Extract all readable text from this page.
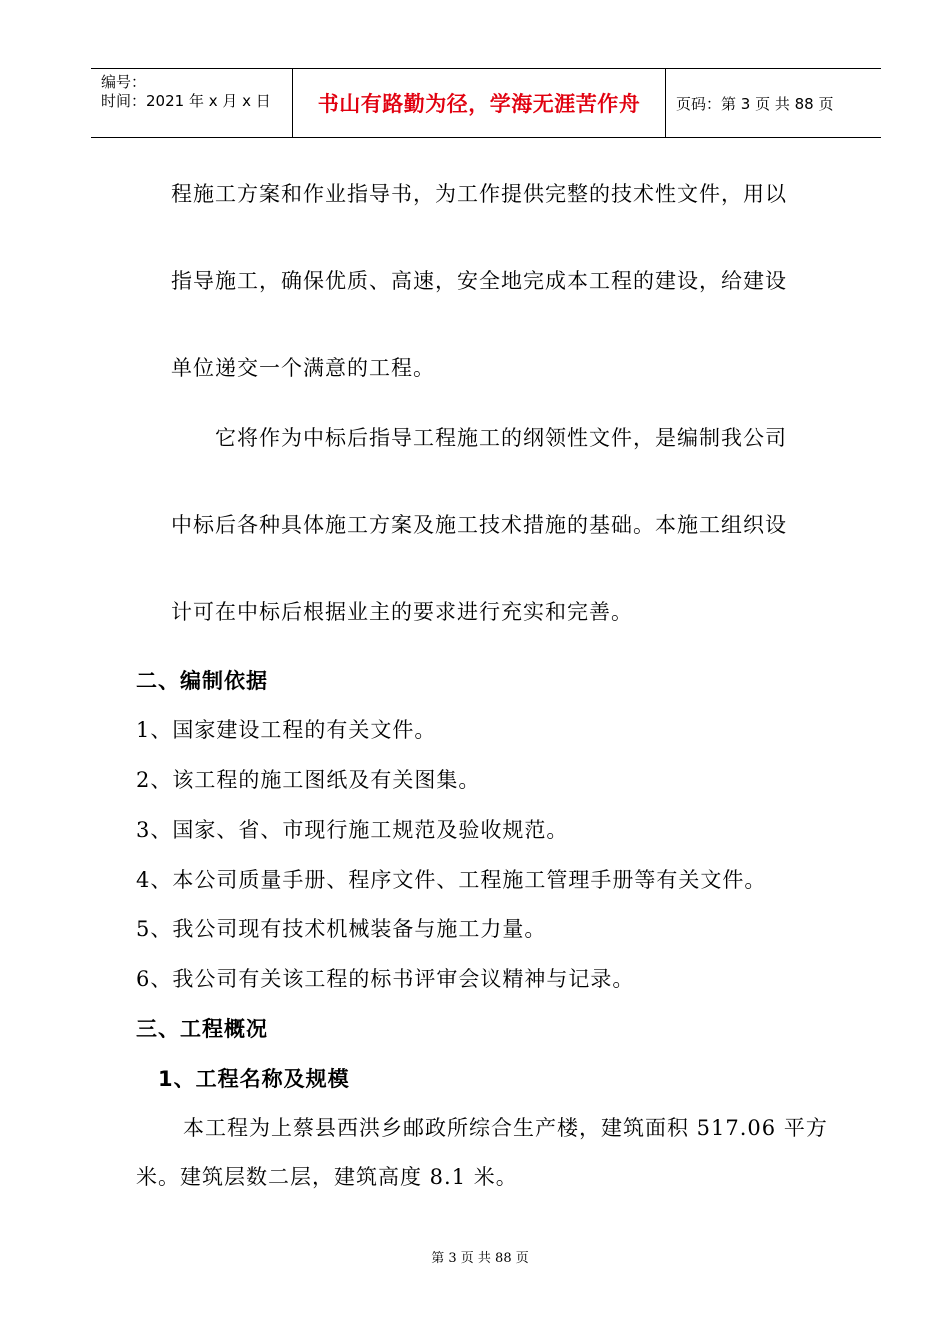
编号：
时间：2021 年 x 月 x 日	书山有路勤为径，学海无涯苦作舟	页码：第 3 页 共 88 页
程施工方案和作业指导书，为工作提供完整的技术性文件，用以
指导施工，确保优质、高速，安全地完成本工程的建设，给建设
单位递交一个满意的工程。
它将作为中标后指导工程施工的纲领性文件，是编制我公司
中标后各种具体施工方案及施工技术措施的基础。本施工组织设
计可在中标后根据业主的要求进行充实和完善。
二、编制依据
1、国家建设工程的有关文件。
2、该工程的施工图纸及有关图集。
3、国家、省、市现行施工规范及验收规范。
4、本公司质量手册、程序文件、工程施工管理手册等有关文件。
5、我公司现有技术机械装备与施工力量。
6、我公司有关该工程的标书评审会议精神与记录。
三、工程概况
1、工程名称及规模
本工程为上蔡县西洪乡邮政所综合生产楼，建筑面积 517.06 平方
米。建筑层数二层，建筑高度 8.1 米。
第 3 页 共 88 页
